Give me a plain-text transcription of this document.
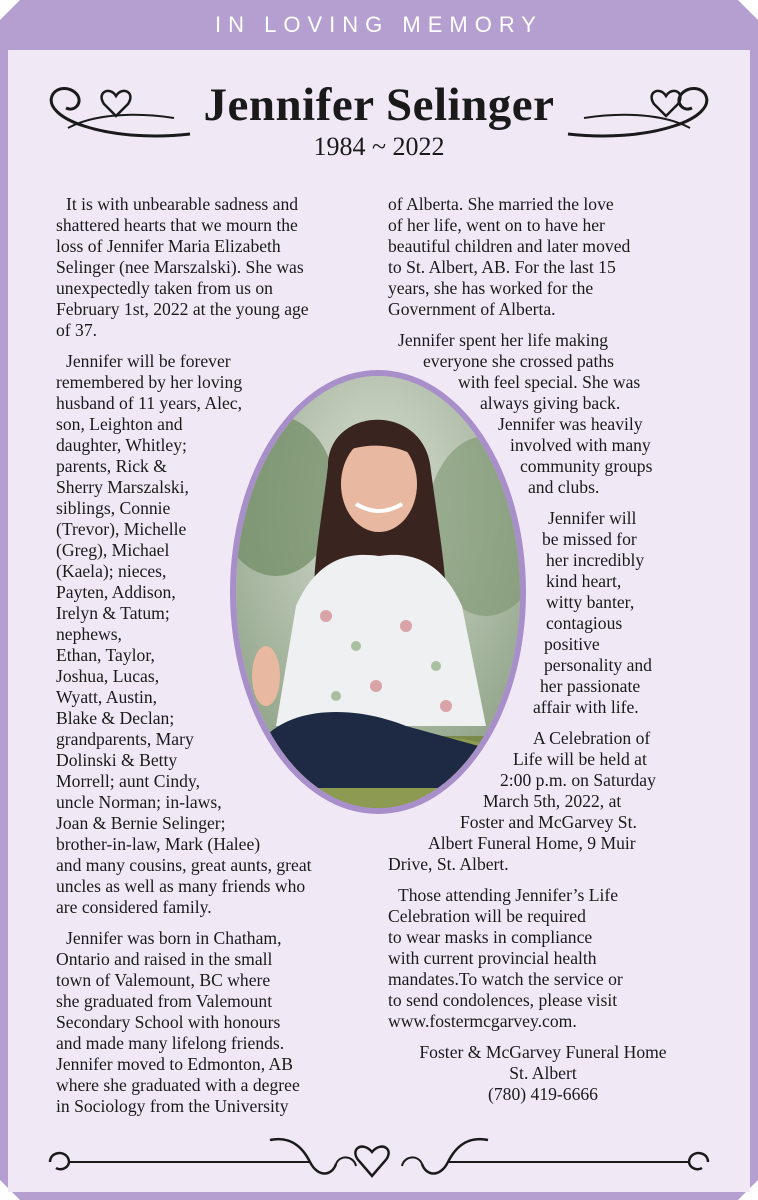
IN LOVING MEMORY
Jennifer Selinger
1984 ~ 2022

It is with unbearable sadness and
shattered hearts that we mourn the
loss of Jennifer Maria Elizabeth
Selinger (nee Marszalski). She was
unexpectedly taken from us on
February 1st, 2022 at the young age
of 37.

Jennifer will be forever
remembered by her loving
husband of 11 years, Alec,
son, Leighton and
daughter, Whitley;
parents, Rick &
Sherry Marszalski,
siblings, Connie
(Trevor), Michelle
(Greg), Michael
(Kaela); nieces,
Payten, Addison,
Irelyn & Tatum;
nephews,
Ethan, Taylor,
Joshua, Lucas,
Wyatt, Austin,
Blake & Declan;
grandparents, Mary
Dolinski & Betty
Morrell; aunt Cindy,
uncle Norman; in-laws,
Joan & Bernie Selinger;
brother-in-law, Mark (Halee)
and many cousins, great aunts, great
uncles as well as many friends who
are considered family.

Jennifer was born in Chatham,
Ontario and raised in the small
town of Valemount, BC where
she graduated from Valemount
Secondary School with honours
and made many lifelong friends.
Jennifer moved to Edmonton, AB
where she graduated with a degree
in Sociology from the University

of Alberta. She married the love
of her life, went on to have her
beautiful children and later moved
to St. Albert, AB. For the last 15
years, she has worked for the
Government of Alberta.

Jennifer spent her life making
everyone she crossed paths
with feel special. She was
always giving back.
Jennifer was heavily
involved with many
community groups
and clubs.

Jennifer will
be missed for
her incredibly
kind heart,
witty banter,
contagious
positive
personality and
her passionate
affair with life.

A Celebration of
Life will be held at
2:00 p.m. on Saturday
March 5th, 2022, at
Foster and McGarvey St.
Albert Funeral Home, 9 Muir
Drive, St. Albert.

Those attending Jennifer’s Life
Celebration will be required
to wear masks in compliance
with current provincial health
mandates.To watch the service or
to send condolences, please visit
www.fostermcgarvey.com.

Foster & McGarvey Funeral Home
St. Albert
(780) 419-6666
